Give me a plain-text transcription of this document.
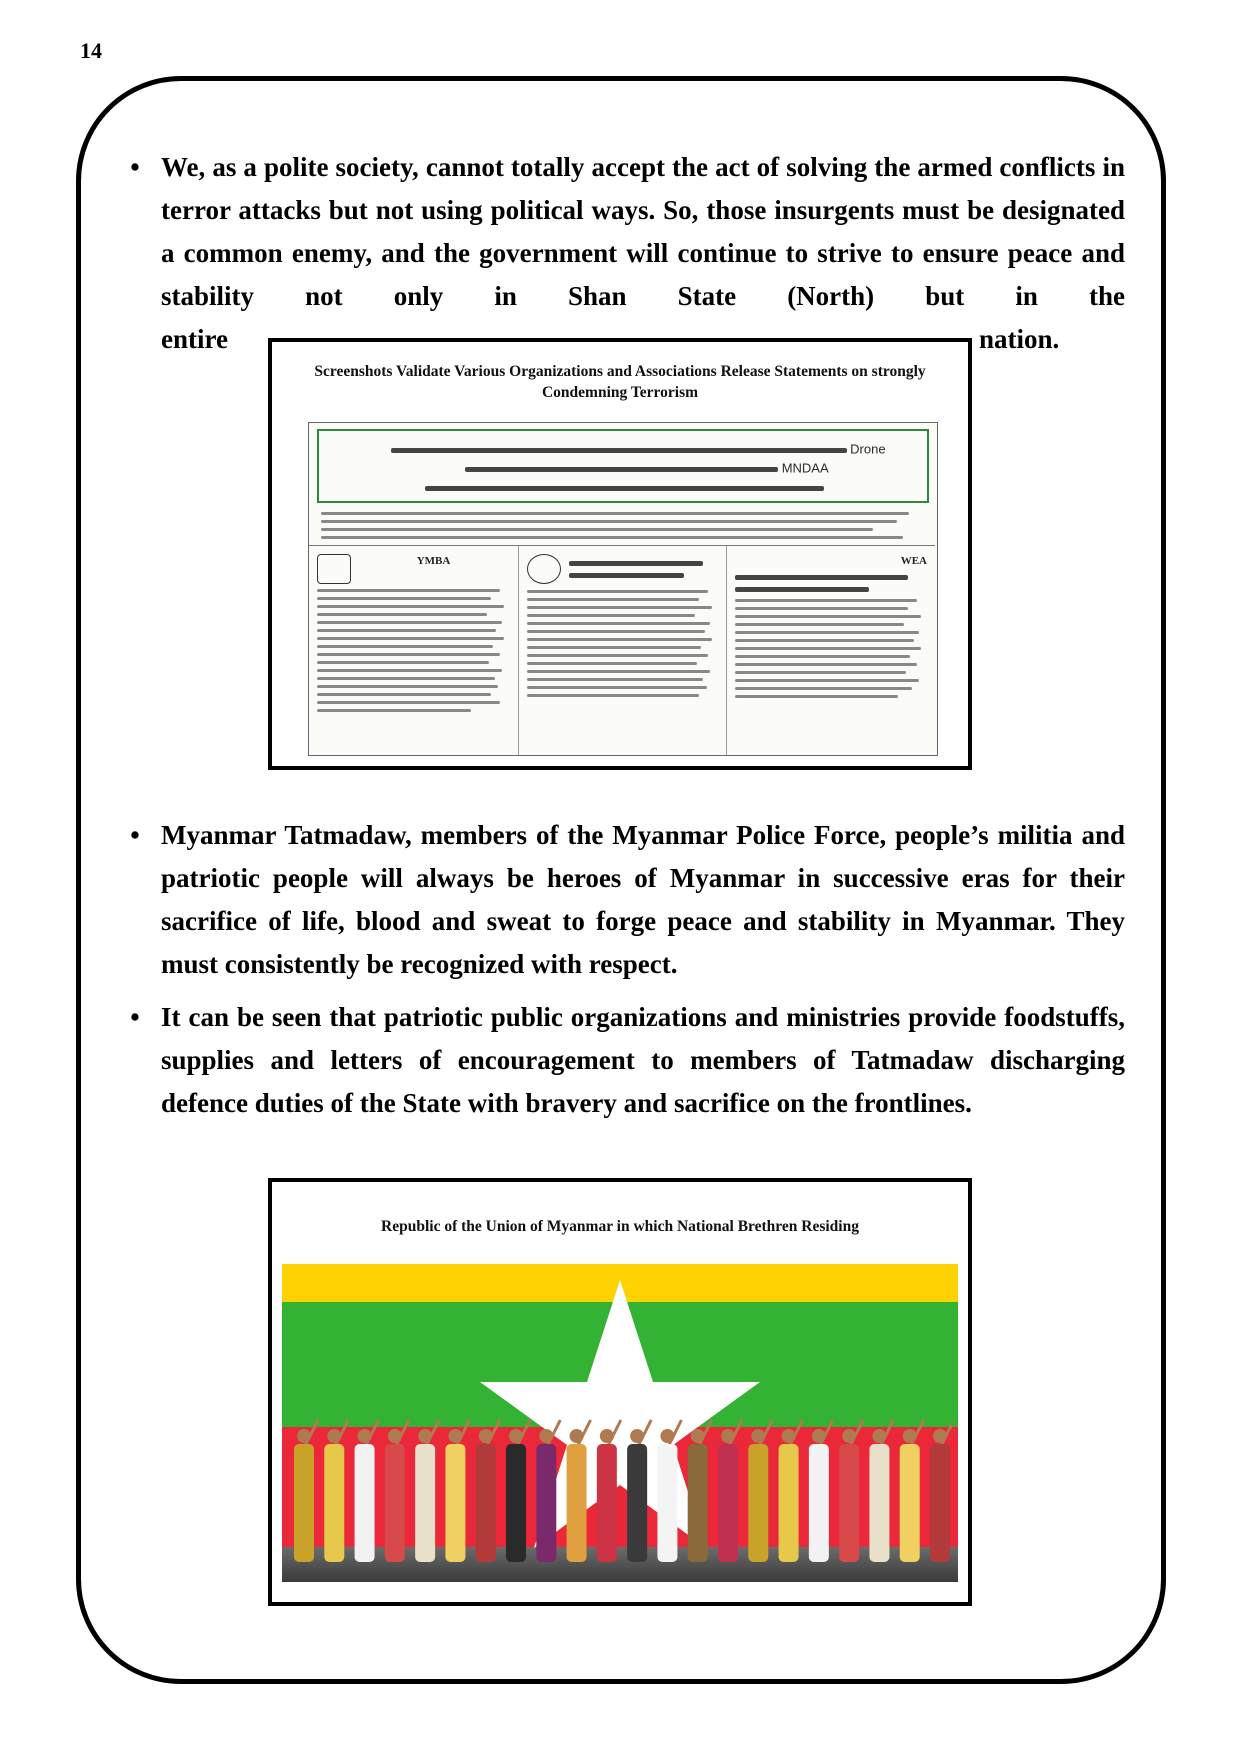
14
• We, as a polite society, cannot totally accept the act of solving the armed conflicts in terror attacks but not using political ways. So, those insurgents must be designated a common enemy, and the government will continue to strive to ensure peace and stability not only in Shan State (North) but in the
entire	nation.
Screenshots Validate Various Organizations and Associations Release Statements on strongly Condemning Terrorism
Drone  MNDAA
YMBA	WEA
• Myanmar Tatmadaw, members of the Myanmar Police Force, people’s militia and patriotic people will always be heroes of Myanmar in successive eras for their sacrifice of life, blood and sweat to forge peace and stability in Myanmar. They must consistently be recognized with respect.
• It can be seen that patriotic public organizations and ministries provide foodstuffs, supplies and letters of encouragement to members of Tatmadaw discharging defence duties of the State with bravery and sacrifice on the frontlines.
Republic of the Union of Myanmar in which National Brethren Residing
